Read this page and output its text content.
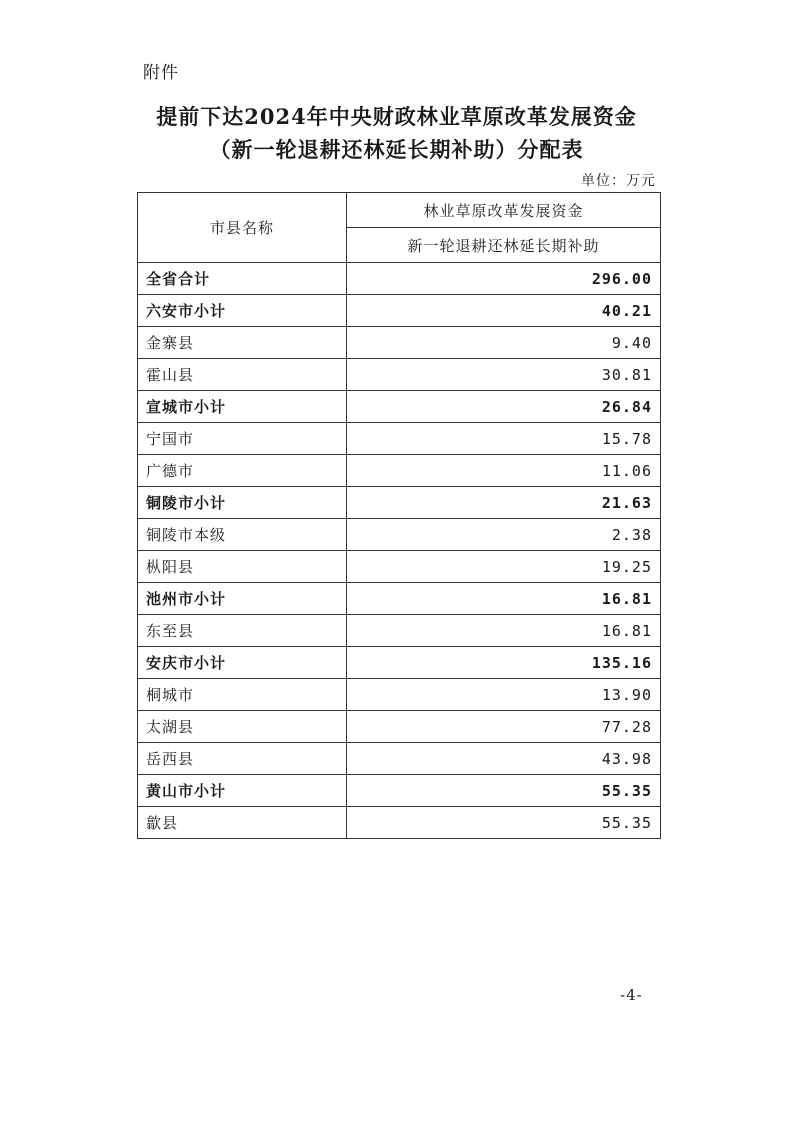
附件
提前下达2024年中央财政林业草原改革发展资金
（新一轮退耕还林延长期补助）分配表
单位：万元
市县名称	林业草原改革发展资金
	新一轮退耕还林延长期补助
全省合计	296.00
六安市小计	40.21
金寨县	9.40
霍山县	30.81
宣城市小计	26.84
宁国市	15.78
广德市	11.06
铜陵市小计	21.63
铜陵市本级	2.38
枞阳县	19.25
池州市小计	16.81
东至县	16.81
安庆市小计	135.16
桐城市	13.90
太湖县	77.28
岳西县	43.98
黄山市小计	55.35
歙县	55.35
-4-
